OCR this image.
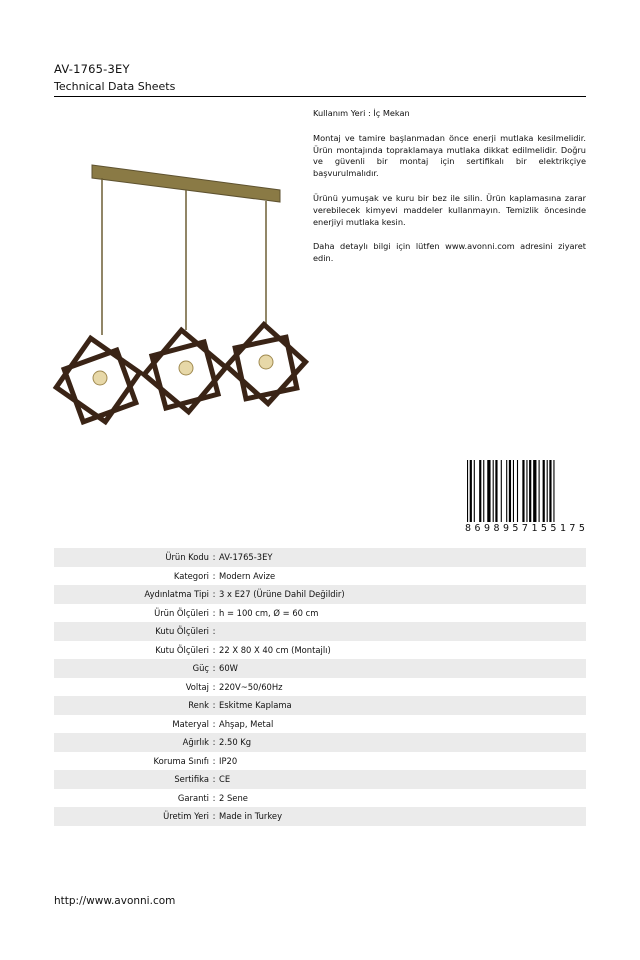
AV-1765-3EY
Technical Data Sheets

Kullanım Yeri : İç Mekan

Montaj ve tamire başlanmadan önce enerji mutlaka kesilmelidir. Ürün montajında topraklamaya mutlaka dikkat edilmelidir. Doğru ve güvenli bir montaj için sertifikalı bir elektrikçiye başvurulmalıdır.

Ürünü yumuşak ve kuru bir bez ile silin. Ürün kaplamasına zarar verebilecek kimyevi maddeler kullanmayın. Temizlik öncesinde enerjiyi mutlaka kesin.

Daha detaylı bilgi için lütfen www.avonni.com adresini ziyaret edin.

8 6 9 8 9 5 7 1 5 5 1 7 5
Ürün Kodu : AV-1765-3EY
Kategori : Modern Avize
Aydınlatma Tipi : 3 x E27 (Ürüne Dahil Değildir)
Ürün Ölçüleri : h = 100 cm, Ø = 60 cm
Kutu Ölçüleri :
Kutu Ölçüleri : 22 X 80 X 40 cm (Montajlı)
Güç : 60W
Voltaj : 220V~50/60Hz
Renk : Eskitme Kaplama
Materyal : Ahşap, Metal
Ağırlık : 2.50 Kg
Koruma Sınıfı : IP20
Sertifika : CE
Garanti : 2 Sene
Üretim Yeri : Made in Turkey
http://www.avonni.com
